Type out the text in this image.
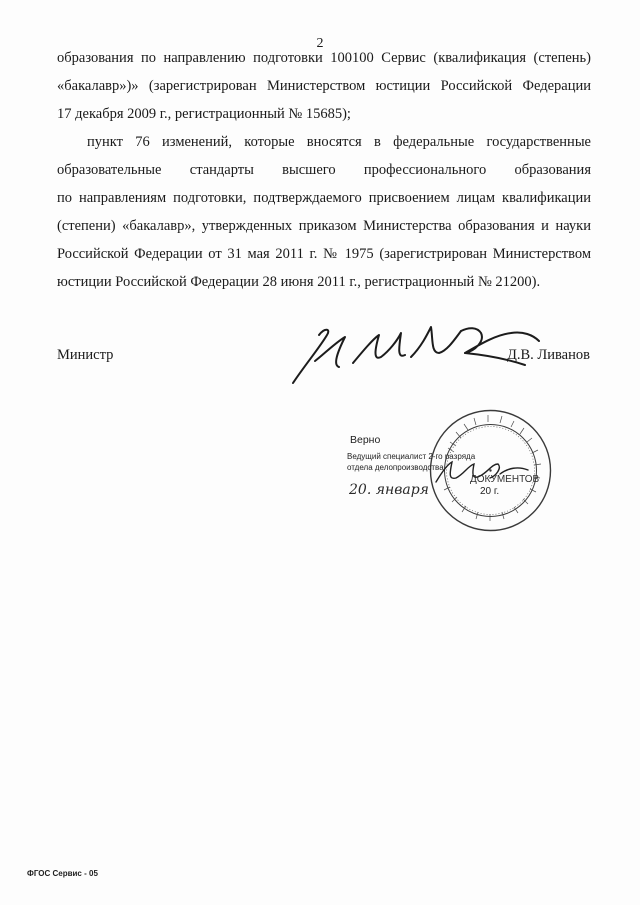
2
образования по направлению подготовки 100100 Сервис (квалификация (степень)
«бакалавр»)» (зарегистрирован Министерством юстиции Российской Федерации
17 декабря 2009 г., регистрационный № 15685);
пункт 76 изменений, которые вносятся в федеральные государственные
образовательные стандарты высшего профессионального образования
по направлениям подготовки, подтверждаемого присвоением лицам квалификации
(степени) «бакалавр», утвержденных приказом Министерства образования и науки
Российской Федерации от 31 мая 2011 г. № 1975 (зарегистрирован Министерством
юстиции Российской Федерации 28 июня 2011 г., регистрационный № 21200).
Министр	Д.В. Ливанов
Верно
Ведущий специалист 2-го разряда
отдела делопроизводства
ДОКУМЕНТОВ
20. января	20 г.
ФГОС Сервис - 05
